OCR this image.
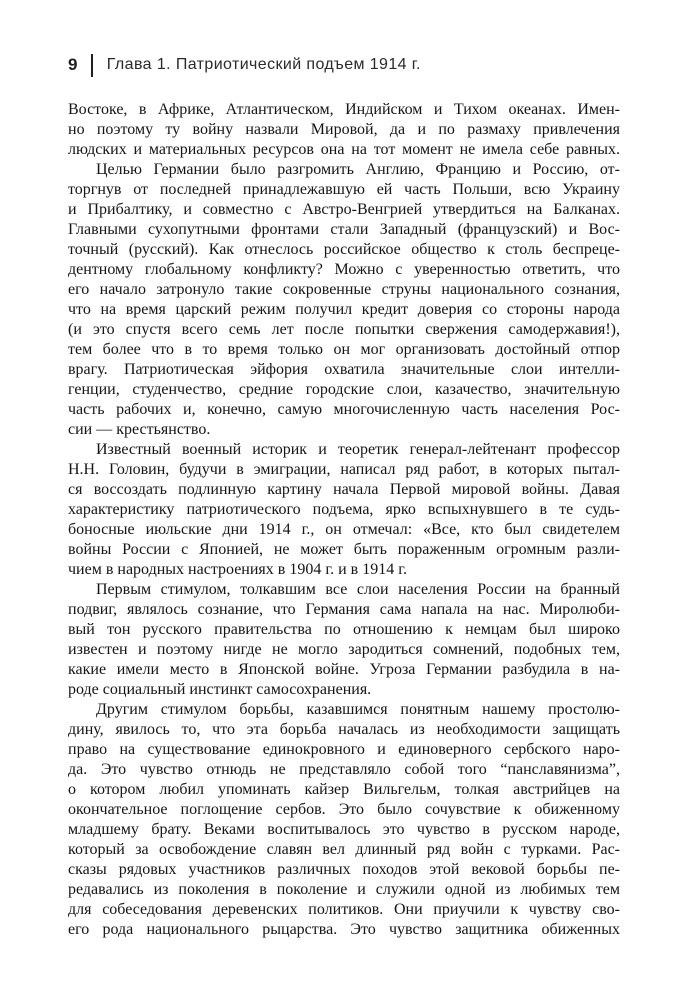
9 Глава 1. Патриотический подъем 1914 г.
Востоке, в Африке, Атлантическом, Индийском и Тихом океанах. Имен-
но поэтому ту войну назвали Мировой, да и по размаху привлечения
людских и материальных ресурсов она на тот момент не имела себе равных.
Целью Германии было разгромить Англию, Францию и Россию, от-
торгнув от последней принадлежавшую ей часть Польши, всю Украину
и Прибалтику, и совместно с Австро-Венгрией утвердиться на Балканах.
Главными сухопутными фронтами стали Западный (французский) и Вос-
точный (русский). Как отнеслось российское общество к столь беспреце-
дентному глобальному конфликту? Можно с уверенностью ответить, что
его начало затронуло такие сокровенные струны национального сознания,
что на время царский режим получил кредит доверия со стороны народа
(и это спустя всего семь лет после попытки свержения самодержавия!),
тем более что в то время только он мог организовать достойный отпор
врагу. Патриотическая эйфория охватила значительные слои интелли-
генции, студенчество, средние городские слои, казачество, значительную
часть рабочих и, конечно, самую многочисленную часть населения Рос-
сии — крестьянство.
Известный военный историк и теоретик генерал-лейтенант профессор
Н.Н. Головин, будучи в эмиграции, написал ряд работ, в которых пытал-
ся воссоздать подлинную картину начала Первой мировой войны. Давая
характеристику патриотического подъема, ярко вспыхнувшего в те судь-
боносные июльские дни 1914 г., он отмечал: «Все, кто был свидетелем
войны России с Японией, не может быть пораженным огромным разли-
чием в народных настроениях в 1904 г. и в 1914 г.
Первым стимулом, толкавшим все слои населения России на бранный
подвиг, являлось сознание, что Германия сама напала на нас. Миролюби-
вый тон русского правительства по отношению к немцам был широко
известен и поэтому нигде не могло зародиться сомнений, подобных тем,
какие имели место в Японской войне. Угроза Германии разбудила в на-
роде социальный инстинкт самосохранения.
Другим стимулом борьбы, казавшимся понятным нашему простолю-
дину, явилось то, что эта борьба началась из необходимости защищать
право на существование единокровного и единоверного сербского наро-
да. Это чувство отнюдь не представляло собой того “панславянизма”,
о котором любил упоминать кайзер Вильгельм, толкая австрийцев на
окончательное поглощение сербов. Это было сочувствие к обиженному
младшему брату. Веками воспитывалось это чувство в русском народе,
который за освобождение славян вел длинный ряд войн с турками. Рас-
сказы рядовых участников различных походов этой вековой борьбы пе-
редавались из поколения в поколение и служили одной из любимых тем
для собеседования деревенских политиков. Они приучили к чувству сво-
его рода национального рыцарства. Это чувство защитника обиженных
